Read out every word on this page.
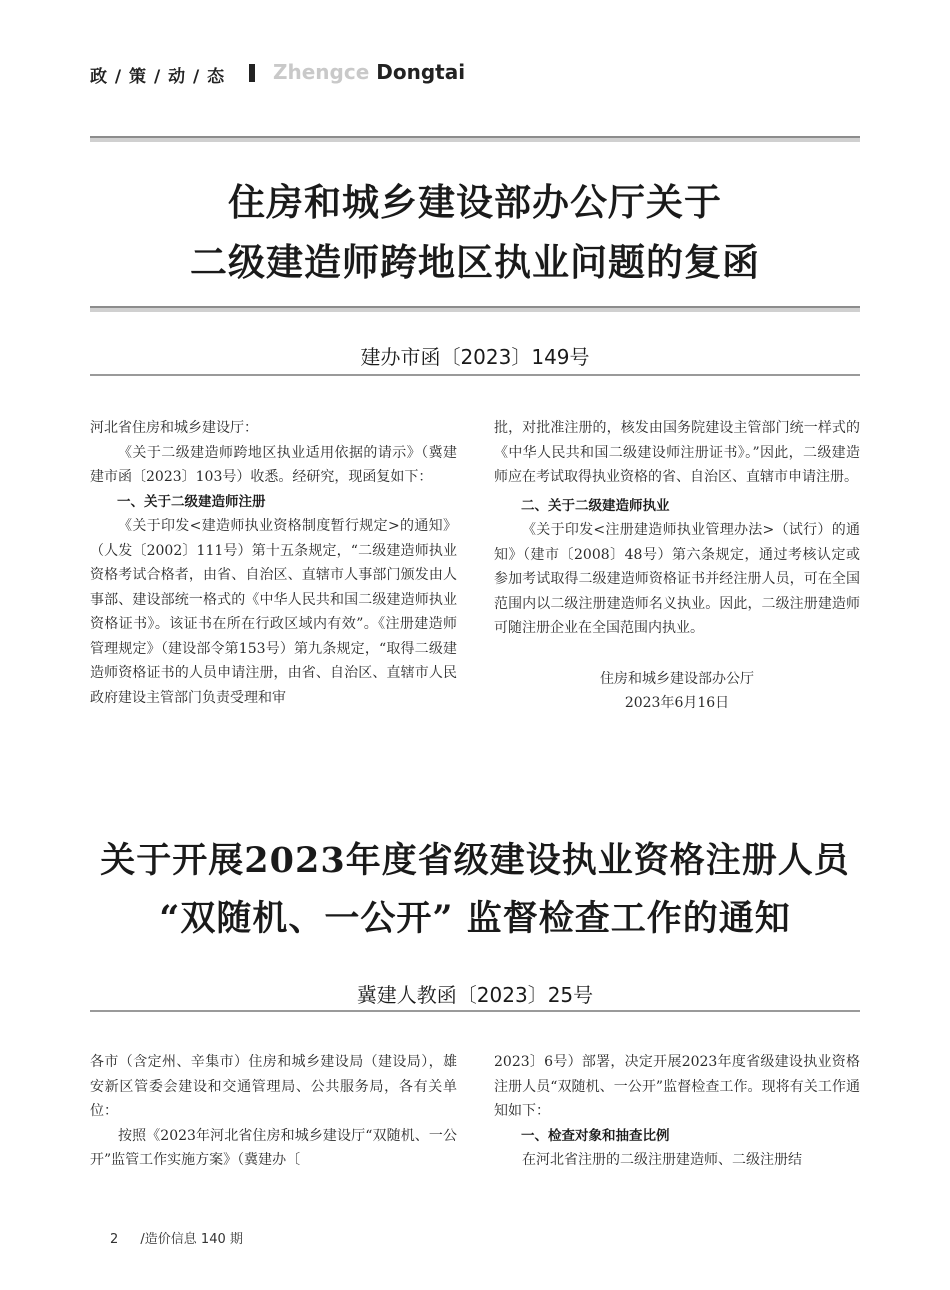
政 / 策 / 动 / 态 Zhengce Dongtai
住房和城乡建设部办公厅关于
二级建造师跨地区执业问题的复函
建办市函〔2023〕149号

河北省住房和城乡建设厅：

《关于二级建造师跨地区执业适用依据的请示》（冀建建市函〔2023〕103号）收悉。经研究，现函复如下：

一、关于二级建造师注册

《关于印发<建造师执业资格制度暂行规定>的通知》（人发〔2002〕111号）第十五条规定，“二级建造师执业资格考试合格者，由省、自治区、直辖市人事部门颁发由人事部、建设部统一格式的《中华人民共和国二级建造师执业资格证书》。该证书在所在行政区域内有效”。《注册建造师管理规定》（建设部令第153号）第九条规定，“取得二级建造师资格证书的人员申请注册，由省、自治区、直辖市人民政府建设主管部门负责受理和审

批，对批准注册的，核发由国务院建设主管部门统一样式的《中华人民共和国二级建设师注册证书》。”因此，二级建造师应在考试取得执业资格的省、自治区、直辖市申请注册。

二、关于二级建造师执业

《关于印发<注册建造师执业管理办法>（试行）的通知》（建市〔2008〕48号）第六条规定，通过考核认定或参加考试取得二级建造师资格证书并经注册人员，可在全国范围内以二级注册建造师名义执业。因此，二级注册建造师可随注册企业在全国范围内执业。

住房和城乡建设部办公厅

2023年6月16日

关于开展2023年度省级建设执业资格注册人员
“双随机、一公开” 监督检查工作的通知
冀建人教函〔2023〕25号

各市（含定州、辛集市）住房和城乡建设局（建设局），雄安新区管委会建设和交通管理局、公共服务局，各有关单位：

按照《2023年河北省住房和城乡建设厅“双随机、一公开”监管工作实施方案》（冀建办〔

2023〕6号）部署，决定开展2023年度省级建设执业资格注册人员“双随机、一公开”监督检查工作。现将有关工作通知如下：

一、检查对象和抽查比例

在河北省注册的二级注册建造师、二级注册结

2 /造价信息 140 期
